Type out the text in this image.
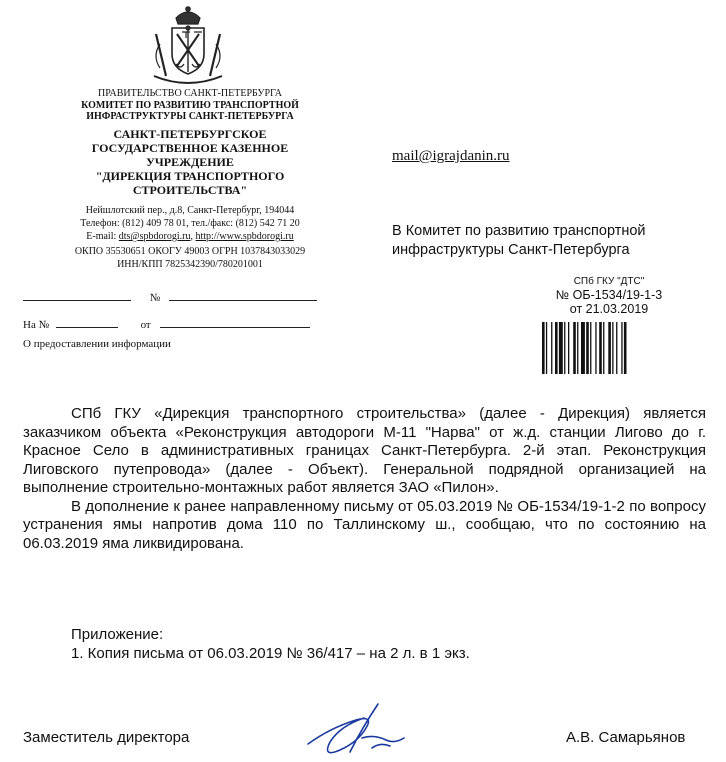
ПРАВИТЕЛЬСТВО САНКТ-ПЕТЕРБУРГА
КОМИТЕТ ПО РАЗВИТИЮ ТРАНСПОРТНОЙ
ИНФРАСТРУКТУРЫ САНКТ-ПЕТЕРБУРГА
САНКТ-ПЕТЕРБУРГСКОЕ
ГОСУДАРСТВЕННОЕ КАЗЕННОЕ
УЧРЕЖДЕНИЕ
"ДИРЕКЦИЯ ТРАНСПОРТНОГО
СТРОИТЕЛЬСТВА"
Нейшлотский пер., д.8, Санкт-Петербург, 194044
Телефон: (812) 409 78 01, тел./факс: (812) 542 71 20
E-mail: dts@spbdorogi.ru, http://www.spbdorogi.ru
ОКПО 35530651 ОКОГУ 49003 ОГРН 1037843033029
ИНН/КПП 7825342390/780201001
№
На №	от
О предоставлении информации
mail@igrajdanin.ru
В Комитет по развитию транспортной
инфраструктуры Санкт-Петербурга
СПб ГКУ "ДТС"
№ ОБ-1534/19-1-3
от 21.03.2019

СПб ГКУ «Дирекция транспортного строительства» (далее - Дирекция) является заказчиком объекта «Реконструкция автодороги М-11 "Нарва" от ж.д. станции Лигово до г. Красное Село в административных границах Санкт-Петербурга. 2-й этап. Реконструкция Лиговского путепровода» (далее - Объект). Генеральной подрядной организацией на выполнение строительно-монтажных работ является ЗАО «Пилон».

В дополнение к ранее направленному письму от 05.03.2019 № ОБ-1534/19-1-2 по вопросу устранения ямы напротив дома 110 по Таллинскому ш., сообщаю, что по состоянию на 06.03.2019 яма ликвидирована.

Приложение:
1. Копия письма от 06.03.2019 № 36/417 – на 2 л. в 1 экз.
Заместитель директора	А.В. Самарьянов
